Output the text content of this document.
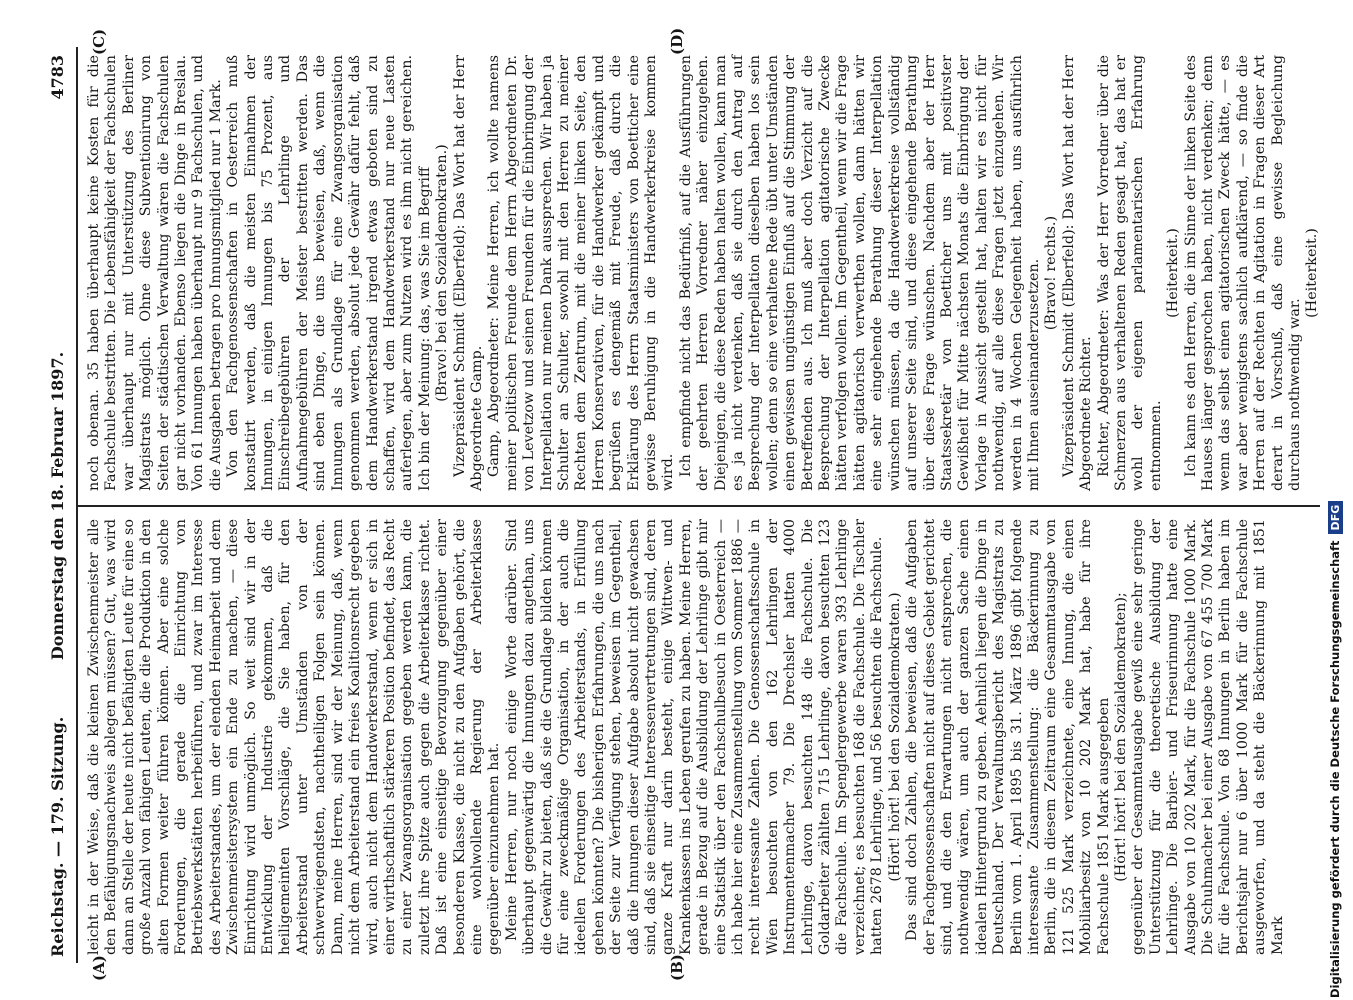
Reichstag. — 179. Sitzung.
Donnerstag den 18. Februar 1897.
4783
(A)	(B)
(C)	(D)

leicht in der Weise, daß die kleinen Zwischenmeister alle den Befähigungsnachweis ablegen müssen? Gut, was wird dann an Stelle der heute nicht befähigten Leute für eine so große Anzahl von fähigen Leuten, die die Produktion in den alten Formen weiter führen können. Aber eine solche Forderungen, die gerade die Einrichtung von Betriebswerkstätten herbeiführen, und zwar im Interesse des Arbeiterstandes, um der elenden Heimarbeit und dem Zwischenmeistersystem ein Ende zu machen, — diese Einrichtung wird unmöglich. So weit sind wir in der Entwicklung der Industrie gekommen, daß die heiligemeinten Vorschläge, die Sie haben, für den Arbeiterstand unter Umständen von der schwerwiegendsten, nachtheiligen Folgen sein können. Dann, meine Herren, sind wir der Meinung, daß, wenn nicht dem Arbeiterstand ein freies Koalitionsrecht gegeben wird, auch nicht dem Handwerkerstand, wenn er sich in einer wirthschaftlich stärkeren Position befindet, das Recht zu einer Zwangsorganisation gegeben werden kann, die zuletzt ihre Spitze auch gegen die Arbeiterklasse richtet. Daß ist eine einseitige Bevorzugung gegenüber einer besonderen Klasse, die nicht zu den Aufgaben gehört, die eine wohlwollende Regierung der Arbeiterklasse gegenüber einzunehmen hat. Meine Herren, nur noch einige Worte darüber. Sind überhaupt gegenwärtig die Innungen dazu angethan, uns die Gewähr zu bieten, daß sie die Grundlage bilden können für eine zweckmäßige Organisation, in der auch die ideellen Forderungen des Arbeiterstands, in Erfüllung gehen könnten? Die bisherigen Erfahrungen, die uns nach der Seite zur Verfügung stehen, beweisen im Gegentheil, daß die Innungen dieser Aufgabe absolut nicht gewachsen sind, daß sie einseitige Interessenvertretungen sind, deren ganze Kraft nur darin besteht, einige Wittwen- und Krankenkassen ins Leben gerufen zu haben. Meine Herren, gerade in Bezug auf die Ausbildung der Lehrlinge gibt mir eine Statistik über den Fachschulbesuch in Oesterreich — ich habe hier eine Zusammenstellung vom Sommer 1886 — recht interessante Zahlen. Die Genossenschaftsschule in Wien besuchten von den 162 Lehrlingen der Instrumentenmacher 79. Die Drechsler hatten 4000 Lehrlinge, davon besuchten 148 die Fachschule. Die Goldarbeiter zählten 715 Lehrlinge, davon besuchten 123 die Fachschule. Im Spenglergewerbe waren 393 Lehrlinge verzeichnet; es besuchten 168 die Fachschule. Die Tischler hatten 2678 Lehrlinge, und 56 besuchten die Fachschule. (Hört! hört! bei den Sozialdemokraten.) Das sind doch Zahlen, die beweisen, daß die Aufgaben der Fachgenossenschaften nicht auf dieses Gebiet gerichtet sind, und die den Erwartungen nicht entsprechen, die nothwendig wären, um auch der ganzen Sache einen idealen Hintergrund zu geben. Aehnlich liegen die Dinge in Deutschland. Der Verwaltungsbericht des Magistrats zu Berlin vom 1. April 1895 bis 31. März 1896 gibt folgende interessante Zusammenstellung: die Bäckerinnung zu Berlin, die in diesem Zeitraum eine Gesammtausgabe von 121 525 Mark verzeichnete, eine Innung, die einen Mobiliarbesitz von 10 202 Mark hat, habe für ihre Fachschule 1851 Mark ausgegeben (Hört! hört! bei den Sozialdemokraten); gegenüber der Gesammtausgabe gewiß eine sehr geringe Unterstützung für die theoretische Ausbildung der Lehrlinge. Die Barbier- und Friseurinnung hatte eine Ausgabe von 10 202 Mark, für die Fachschule 1000 Mark. Die Schuhmacher bei einer Ausgabe von 67 455 700 Mark für die Fachschule. Von 68 Innungen in Berlin haben im Berichtsjahr nur 6 über 1000 Mark für die Fachschule ausgeworfen, und da steht die Bäckerinnung mit 1851 Mark

noch obenan. 35 haben überhaupt keine Kosten für die Fachschule bestritten. Die Lebensfähigkeit der Fachschulen war überhaupt nur mit Unterstützung des Berliner Magistrats möglich. Ohne diese Subventionirung von Seiten der städtischen Verwaltung wären die Fachschulen gar nicht vorhanden. Ebenso liegen die Dinge in Breslau. Von 61 Innungen haben überhaupt nur 9 Fachschulen, und die Ausgaben betragen pro Innungsmitglied nur 1 Mark. Von den Fachgenossenschaften in Oesterreich muß konstatirt werden, daß die meisten Einnahmen der Innungen, in einigen Innungen bis 75 Prozent, aus Einschreibegebühren der Lehrlinge und Aufnahmegebühren der Meister bestritten werden. Das sind eben Dinge, die uns beweisen, daß, wenn die Innungen als Grundlage für eine Zwangsorganisation genommen werden, absolut jede Gewähr dafür fehlt, daß dem Handwerkerstand irgend etwas geboten sind zu schaffen, wird dem Handwerkerstand nur neue Lasten auferlegen, aber zum Nutzen wird es ihm nicht gereichen. Ich bin der Meinung: das, was Sie im Begriff (Bravo! bei den Sozialdemokraten.) Vizepräsident Schmidt (Elberfeld): Das Wort hat der Herr Abgeordnete Gamp. Gamp, Abgeordneter: Meine Herren, ich wollte namens meiner politischen Freunde dem Herrn Abgeordneten Dr. von Levetzow und seinen Freunden für die Einbringung der Interpellation nur meinen Dank aussprechen. Wir haben ja Schulter an Schulter, sowohl mit den Herren zu meiner Rechten dem Zentrum, mit die meiner linken Seite, den Herren Konservativen, für die Handwerker gekämpft und begrüßen es dengemäß mit Freude, daß durch die Erklärung des Herrn Staatsministers von Boetticher eine gewisse Beruhigung in die Handwerkerkreise kommen wird. Ich empfinde nicht das Bedürfniß, auf die Ausführungen der geehrten Herren Vorredner näher einzugehen. Diejenigen, die diese Reden haben halten wollen, kann man es ja nicht verdenken, daß sie durch den Antrag auf Besprechung der Interpellation dieselben haben los sein wollen; denn so eine verhaltene Rede übt unter Umständen einen gewissen ungünstigen Einfluß auf die Stimmung der Betreffenden aus. Ich muß aber doch Verzicht auf die Besprechung der Interpellation agitatorische Zwecke hätten verfolgen wollen. Im Gegentheil, wenn wir die Frage hätten agitatorisch verwerthen wollen, dann hätten wir eine sehr eingehende Berathung dieser Interpellation wünschen müssen, da die Handwerkerkreise vollständig auf unserer Seite sind, und diese eingehende Berathung über diese Frage wünschen. Nachdem aber der Herr Staatssekretär von Boetticher uns mit positivster Gewißheit für Mitte nächsten Monats die Einbringung der Vorlage in Aussicht gestellt hat, halten wir es nicht für nothwendig, auf alle diese Fragen jetzt einzugehen. Wir werden in 4 Wochen Gelegenheit haben, uns ausführlich mit Ihnen auseinanderzusetzen. (Bravo! rechts.) Vizepräsident Schmidt (Elberfeld): Das Wort hat der Herr Abgeordnete Richter. Richter, Abgeordneter: Was der Herr Vorredner über die Schmerzen aus verhaltenen Reden gesagt hat, das hat er wohl der eigenen parlamentarischen Erfahrung entnommen.

(Heiterkeit.) Ich kann es den Herren, die im Sinne der linken Seite des Hauses länger gesprochen haben, nicht verdenken; denn wenn das selbst einen agitatorischen Zweck hätte, — es war aber wenigstens sachlich aufklärend, — so finde die Herren auf der Rechten in Agitation in Fragen dieser Art derart in Vorschuß, daß eine gewisse Begleichung durchaus nothwendig war.

(Heiterkeit.)

Digitalisierung gefördert durch die Deutsche ForschungsgemeinschaftDFG
